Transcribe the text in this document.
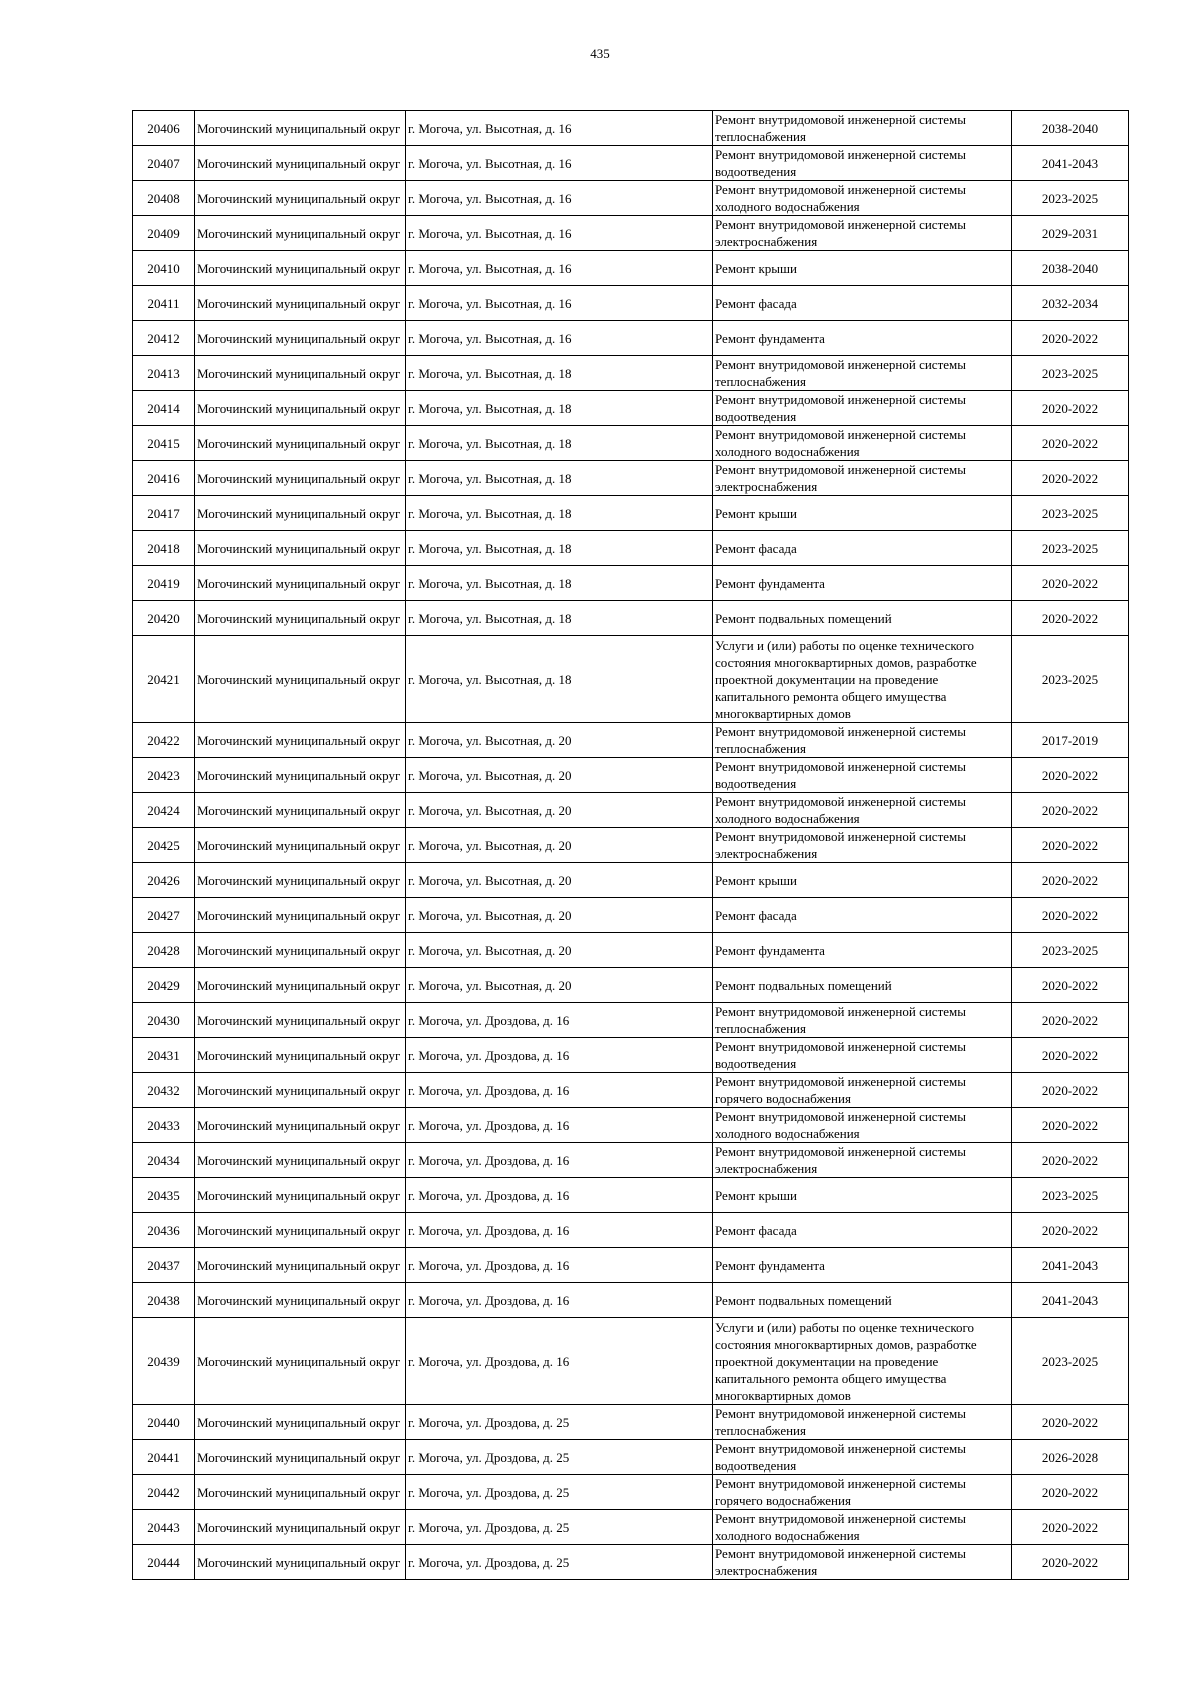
435
20406	Могочинский муниципальный округ	г. Могоча, ул. Высотная, д. 16	Ремонт внутридомовой инженерной системы теплоснабжения	2038-2040
20407	Могочинский муниципальный округ	г. Могоча, ул. Высотная, д. 16	Ремонт внутридомовой инженерной системы водоотведения	2041-2043
20408	Могочинский муниципальный округ	г. Могоча, ул. Высотная, д. 16	Ремонт внутридомовой инженерной системы холодного водоснабжения	2023-2025
20409	Могочинский муниципальный округ	г. Могоча, ул. Высотная, д. 16	Ремонт внутридомовой инженерной системы электроснабжения	2029-2031
20410	Могочинский муниципальный округ	г. Могоча, ул. Высотная, д. 16	Ремонт крыши	2038-2040
20411	Могочинский муниципальный округ	г. Могоча, ул. Высотная, д. 16	Ремонт фасада	2032-2034
20412	Могочинский муниципальный округ	г. Могоча, ул. Высотная, д. 16	Ремонт фундамента	2020-2022
20413	Могочинский муниципальный округ	г. Могоча, ул. Высотная, д. 18	Ремонт внутридомовой инженерной системы теплоснабжения	2023-2025
20414	Могочинский муниципальный округ	г. Могоча, ул. Высотная, д. 18	Ремонт внутридомовой инженерной системы водоотведения	2020-2022
20415	Могочинский муниципальный округ	г. Могоча, ул. Высотная, д. 18	Ремонт внутридомовой инженерной системы холодного водоснабжения	2020-2022
20416	Могочинский муниципальный округ	г. Могоча, ул. Высотная, д. 18	Ремонт внутридомовой инженерной системы электроснабжения	2020-2022
20417	Могочинский муниципальный округ	г. Могоча, ул. Высотная, д. 18	Ремонт крыши	2023-2025
20418	Могочинский муниципальный округ	г. Могоча, ул. Высотная, д. 18	Ремонт фасада	2023-2025
20419	Могочинский муниципальный округ	г. Могоча, ул. Высотная, д. 18	Ремонт фундамента	2020-2022
20420	Могочинский муниципальный округ	г. Могоча, ул. Высотная, д. 18	Ремонт подвальных помещений	2020-2022
20421	Могочинский муниципальный округ	г. Могоча, ул. Высотная, д. 18	Услуги и (или) работы по оценке технического состояния многоквартирных домов, разработке проектной документации на проведение капитального ремонта общего имущества многоквартирных домов	2023-2025
20422	Могочинский муниципальный округ	г. Могоча, ул. Высотная, д. 20	Ремонт внутридомовой инженерной системы теплоснабжения	2017-2019
20423	Могочинский муниципальный округ	г. Могоча, ул. Высотная, д. 20	Ремонт внутридомовой инженерной системы водоотведения	2020-2022
20424	Могочинский муниципальный округ	г. Могоча, ул. Высотная, д. 20	Ремонт внутридомовой инженерной системы холодного водоснабжения	2020-2022
20425	Могочинский муниципальный округ	г. Могоча, ул. Высотная, д. 20	Ремонт внутридомовой инженерной системы электроснабжения	2020-2022
20426	Могочинский муниципальный округ	г. Могоча, ул. Высотная, д. 20	Ремонт крыши	2020-2022
20427	Могочинский муниципальный округ	г. Могоча, ул. Высотная, д. 20	Ремонт фасада	2020-2022
20428	Могочинский муниципальный округ	г. Могоча, ул. Высотная, д. 20	Ремонт фундамента	2023-2025
20429	Могочинский муниципальный округ	г. Могоча, ул. Высотная, д. 20	Ремонт подвальных помещений	2020-2022
20430	Могочинский муниципальный округ	г. Могоча, ул. Дроздова, д. 16	Ремонт внутридомовой инженерной системы теплоснабжения	2020-2022
20431	Могочинский муниципальный округ	г. Могоча, ул. Дроздова, д. 16	Ремонт внутридомовой инженерной системы водоотведения	2020-2022
20432	Могочинский муниципальный округ	г. Могоча, ул. Дроздова, д. 16	Ремонт внутридомовой инженерной системы горячего водоснабжения	2020-2022
20433	Могочинский муниципальный округ	г. Могоча, ул. Дроздова, д. 16	Ремонт внутридомовой инженерной системы холодного водоснабжения	2020-2022
20434	Могочинский муниципальный округ	г. Могоча, ул. Дроздова, д. 16	Ремонт внутридомовой инженерной системы электроснабжения	2020-2022
20435	Могочинский муниципальный округ	г. Могоча, ул. Дроздова, д. 16	Ремонт крыши	2023-2025
20436	Могочинский муниципальный округ	г. Могоча, ул. Дроздова, д. 16	Ремонт фасада	2020-2022
20437	Могочинский муниципальный округ	г. Могоча, ул. Дроздова, д. 16	Ремонт фундамента	2041-2043
20438	Могочинский муниципальный округ	г. Могоча, ул. Дроздова, д. 16	Ремонт подвальных помещений	2041-2043
20439	Могочинский муниципальный округ	г. Могоча, ул. Дроздова, д. 16	Услуги и (или) работы по оценке технического состояния многоквартирных домов, разработке проектной документации на проведение капитального ремонта общего имущества многоквартирных домов	2023-2025
20440	Могочинский муниципальный округ	г. Могоча, ул. Дроздова, д. 25	Ремонт внутридомовой инженерной системы теплоснабжения	2020-2022
20441	Могочинский муниципальный округ	г. Могоча, ул. Дроздова, д. 25	Ремонт внутридомовой инженерной системы водоотведения	2026-2028
20442	Могочинский муниципальный округ	г. Могоча, ул. Дроздова, д. 25	Ремонт внутридомовой инженерной системы горячего водоснабжения	2020-2022
20443	Могочинский муниципальный округ	г. Могоча, ул. Дроздова, д. 25	Ремонт внутридомовой инженерной системы холодного водоснабжения	2020-2022
20444	Могочинский муниципальный округ	г. Могоча, ул. Дроздова, д. 25	Ремонт внутридомовой инженерной системы электроснабжения	2020-2022
